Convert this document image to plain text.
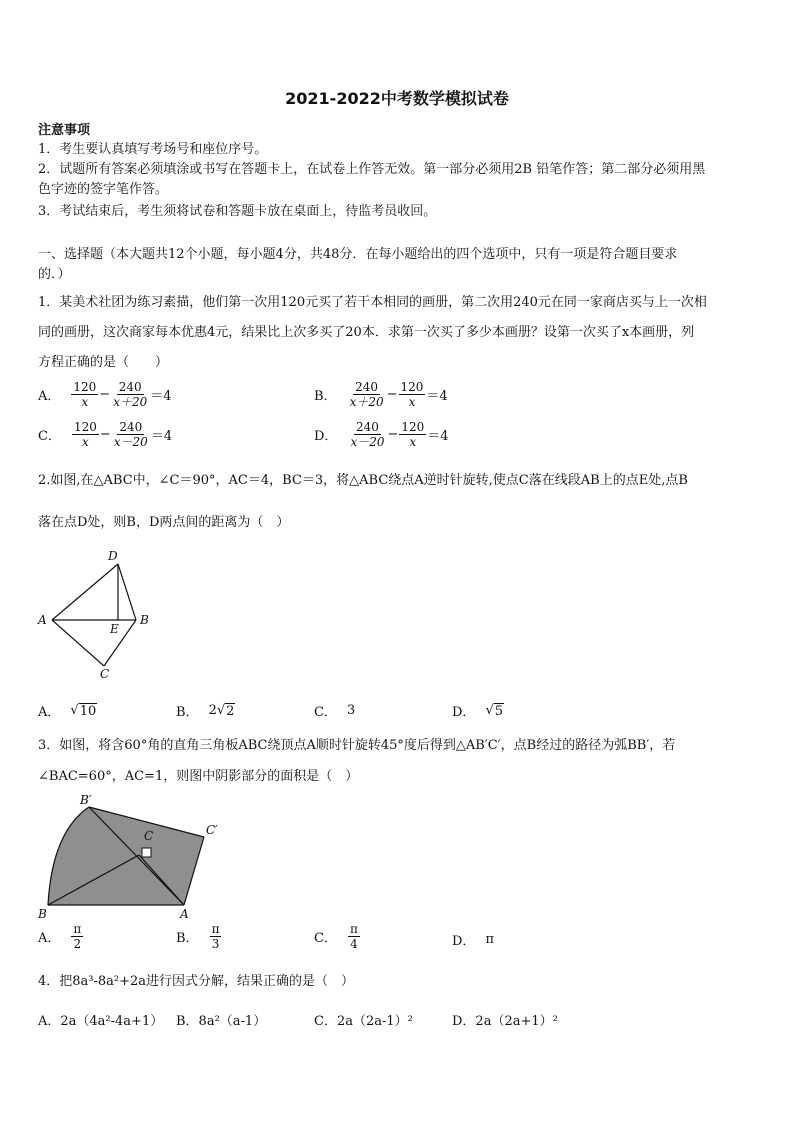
2021-2022中考数学模拟试卷
注意事项
1．考生要认真填写考场号和座位序号。
2．试题所有答案必须填涂或书写在答题卡上，在试卷上作答无效。第一部分必须用2B 铅笔作答；第二部分必须用黑
色字迹的签字笔作答。
3．考试结束后，考生须将试卷和答题卡放在桌面上，待监考员收回。
一、选择题（本大题共12个小题，每小题4分，共48分．在每小题给出的四个选项中，只有一项是符合题目要求
的．）
1．某美术社团为练习素描，他们第一次用120元买了若干本相同的画册，第二次用240元在同一家商店买与上一次相
同的画册，这次商家每本优惠4元，结果比上次多买了20本．求第一次买了多少本画册？设第一次买了x本画册，列
方程正确的是（　　）
A． $\frac{120}{x} - \frac{240}{x+20} =4$	B． $\frac{240}{x+20} - \frac{120}{x} =4$
C． $\frac{120}{x} - \frac{240}{x-20} =4$	D． $\frac{240}{x-20} - \frac{120}{x} =4$
2.如图,在△ABC中，∠C＝90°，AC＝4，BC＝3，将△ABC绕点A逆时针旋转,使点C落在线段AB上的点E处,点B
落在点D处，则B，D两点间的距离为（　）
D
A
E
B
C
A． √ 10	B． 2 √ 2	C． 3	D． √ 5
3．如图，将含60°角的直角三角板ABC绕顶点A顺时针旋转45°度后得到△AB′C′，点B经过的路径为弧BB′，若
∠BAC=60°，AC=1，则图中阴影部分的面积是（　）
B′
C	C′
B	A
A． $\frac{\pi}{2}$	B． $\frac{\pi}{3}$	C． $\frac{\pi}{4}$	D． π
4．把8a³-8a²+2a进行因式分解，结果正确的是（　）
A．2a（4a²-4a+1） B．8a²（a-1）	C．2a（2a-1）²	D．2a（2a+1）²
